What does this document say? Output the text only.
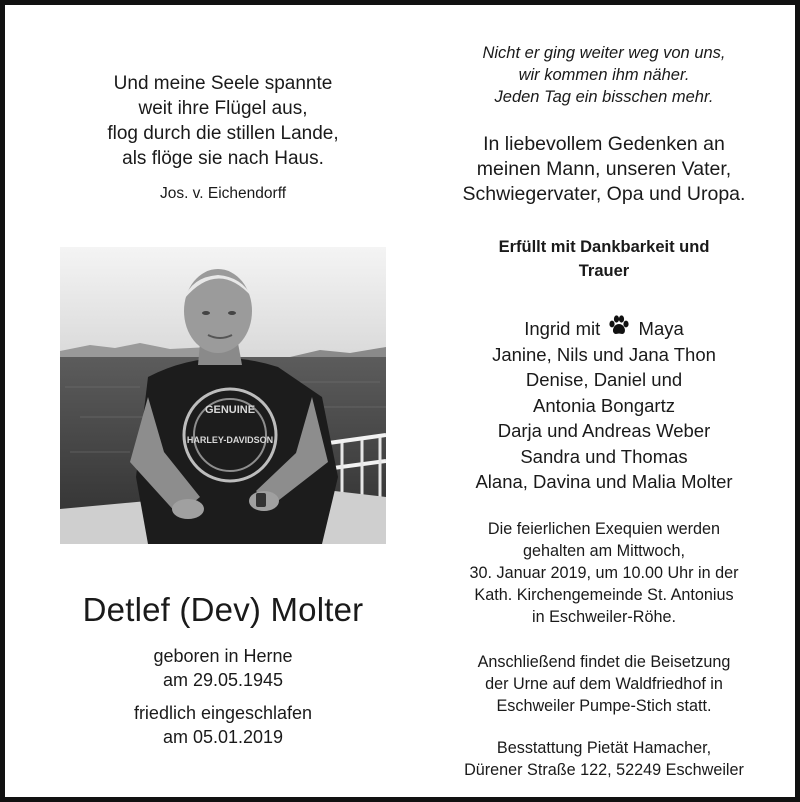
Und meine Seele spannte
weit ihre Flügel aus,
flog durch die stillen Lande,
als flöge sie nach Haus.
Jos. v. Eichendorff
GENUINE
HARLEY-DAVIDSON
Detlef (Dev) Molter
geboren in Herne
am 29.05.1945
friedlich eingeschlafen
am 05.01.2019
Nicht er ging weiter weg von uns,
wir kommen ihm näher.
Jeden Tag ein bisschen mehr.
In liebevollem Gedenken an
meinen Mann, unseren Vater,
Schwiegervater, Opa und Uropa.
Erfüllt mit Dankbarkeit und
Trauer
Ingrid mit Maya
Janine, Nils und Jana Thon
Denise, Daniel und
Antonia Bongartz
Darja und Andreas Weber
Sandra und Thomas
Alana, Davina und Malia Molter
Die feierlichen Exequien werden
gehalten am Mittwoch,
30. Januar 2019, um 10.00 Uhr in der
Kath. Kirchengemeinde St. Antonius
in Eschweiler-Röhe.
Anschließend findet die Beisetzung
der Urne auf dem Waldfriedhof in
Eschweiler Pumpe-Stich statt.
Besstattung Pietät Hamacher,
Dürener Straße 122, 52249 Eschweiler
